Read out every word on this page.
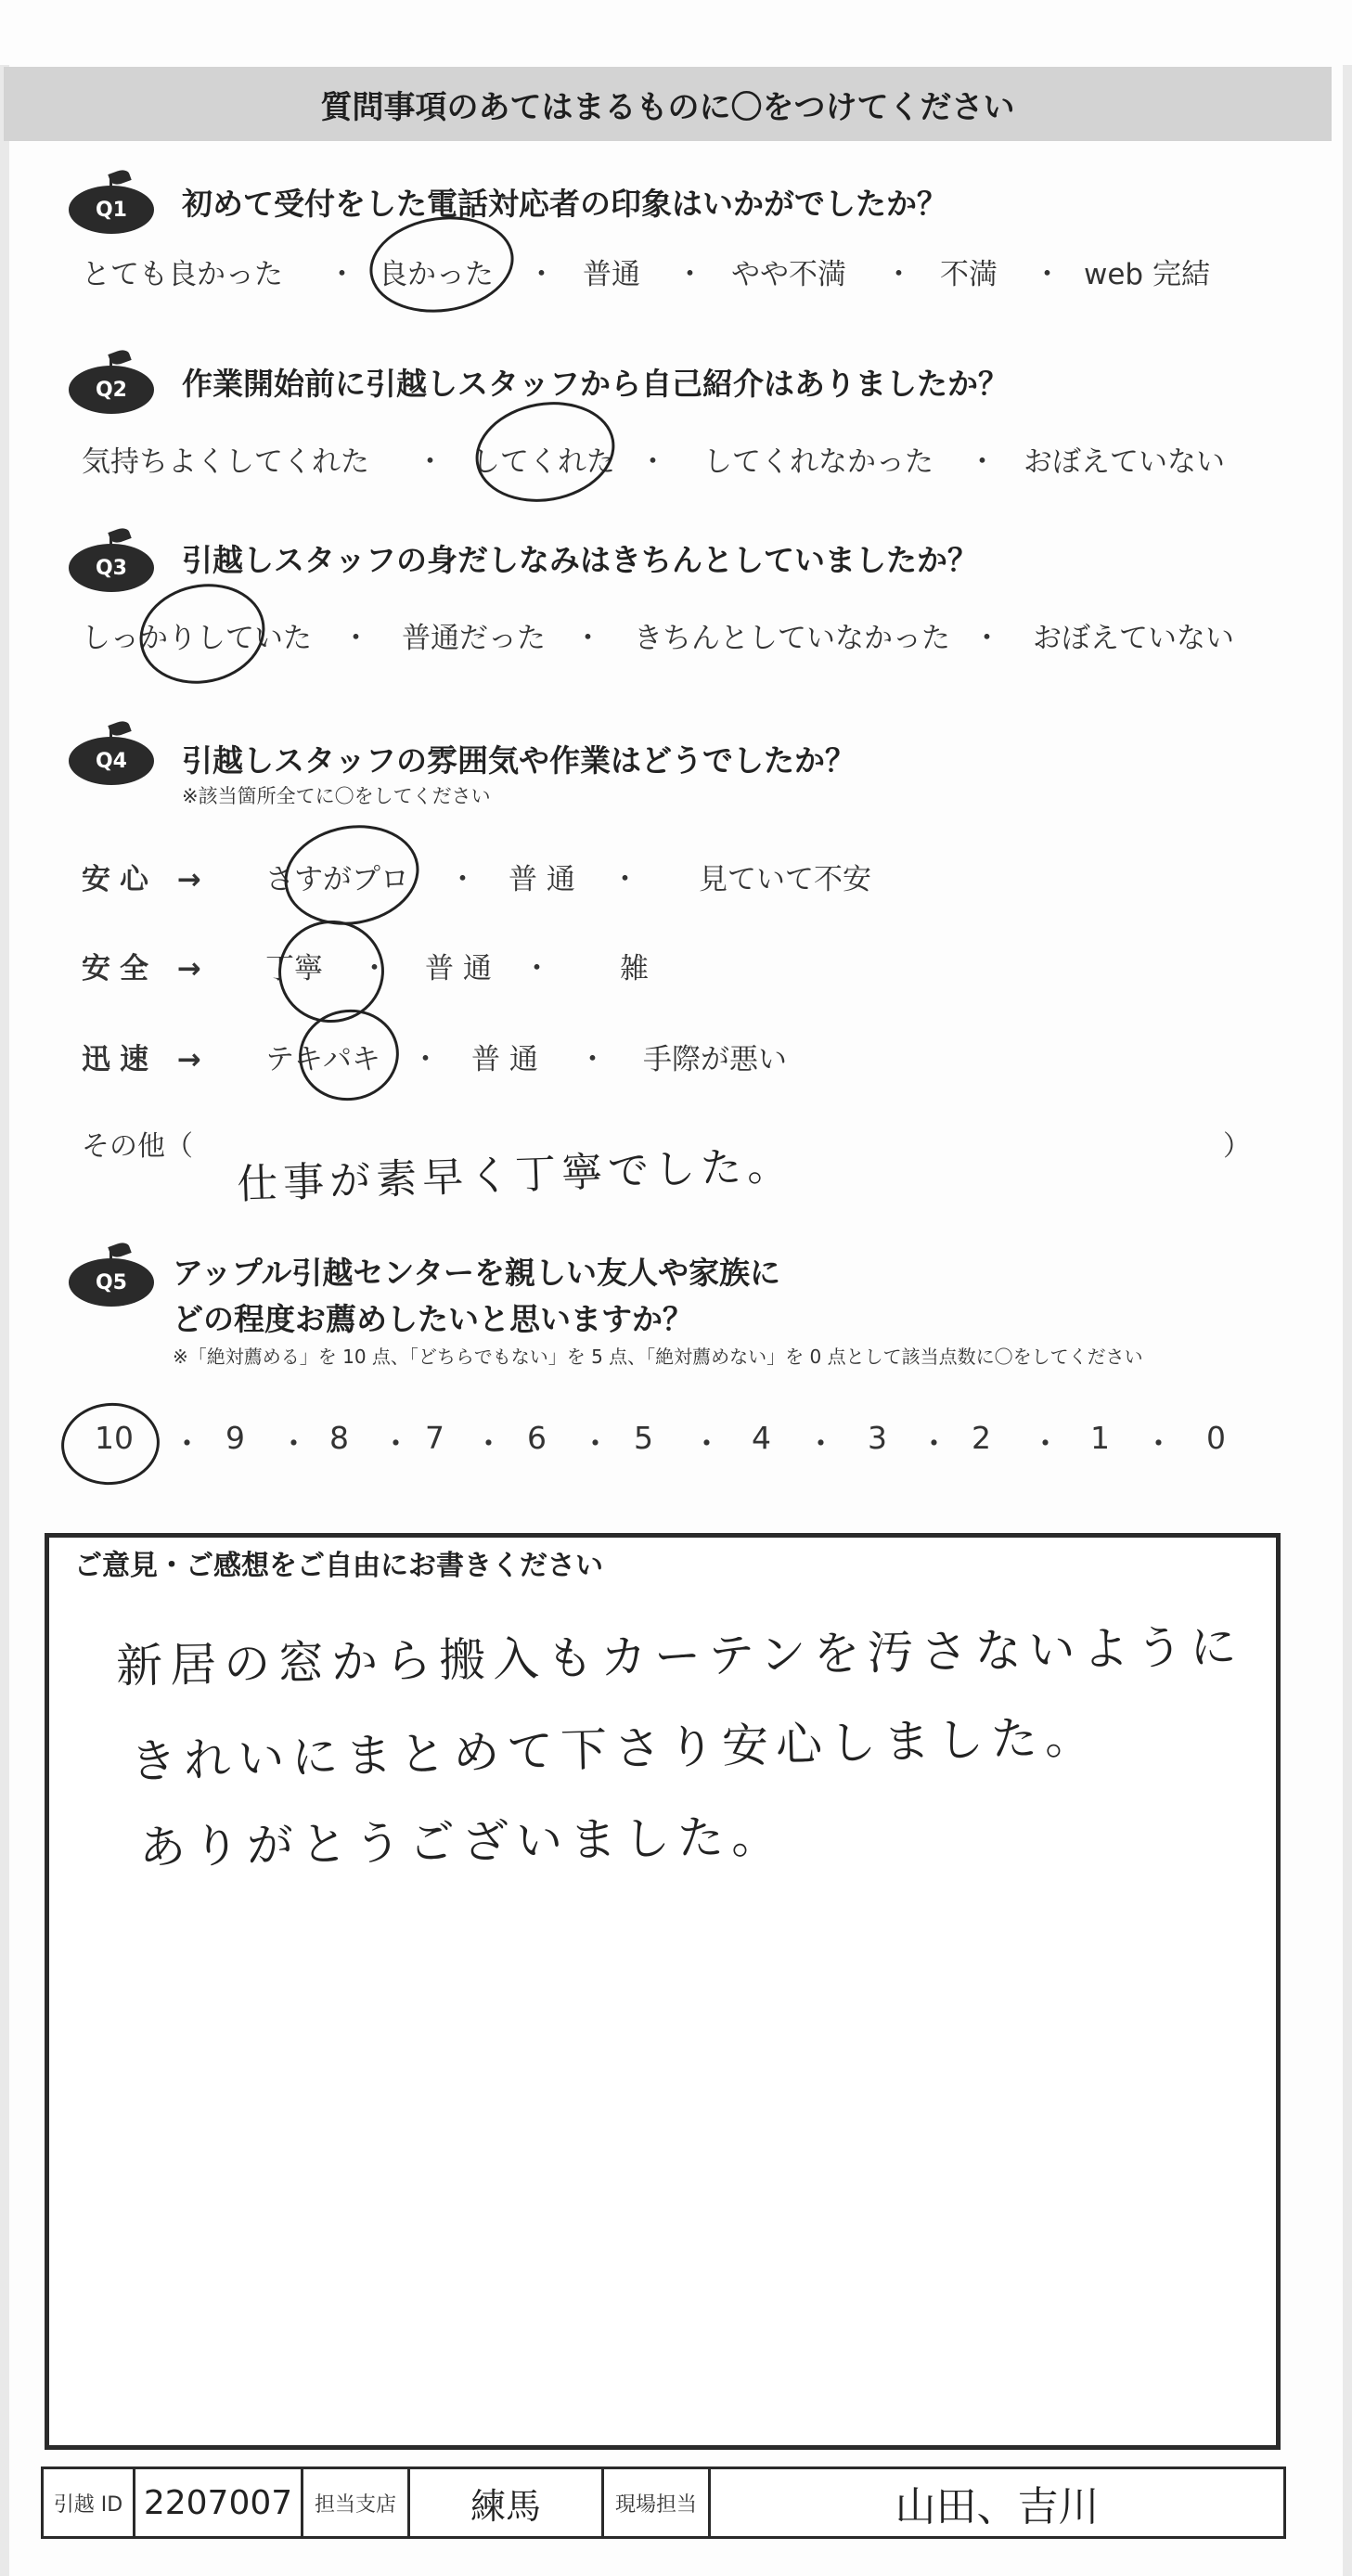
質問事項のあてはまるものに〇をつけてください
Q1	初めて受付をした電話対応者の印象はいかがでしたか？
とても良かった ・ 良かった ・ 普通 ・ やや不満 ・ 不満 ・ web 完結
Q2	作業開始前に引越しスタッフから自己紹介はありましたか？
気持ちよくしてくれた ・ してくれた ・ してくれなかった ・ おぼえていない
Q3	引越しスタッフの身だしなみはきちんとしていましたか？
しっかりしていた ・ 普通だった ・ きちんとしていなかった ・ おぼえていない
Q4	引越しスタッフの雰囲気や作業はどうでしたか？
※該当箇所全てに〇をしてください
安心 → さすがプロ ・ 普 通 ・ 見ていて不安
安全 → 丁寧 ・ 普 通 ・ 雑
迅速 → テキパキ ・ 普 通 ・ 手際が悪い
その他（	）
仕事が素早く丁寧でした。
Q5	アップル引越センターを親しい友人や家族に
どの程度お薦めしたいと思いますか？
※「絶対薦める」を 10 点、「どちらでもない」を 5 点、「絶対薦めない」を 0 点として該当点数に〇をしてください
10 ・ 9 ・ 8 ・ 7 ・ 6 ・ 5 ・ 4 ・ 3 ・ 2 ・ 1 ・ 0
ご意見・ご感想をご自由にお書きください
新居の窓から搬入もカーテンを汚さないように
きれいにまとめて下さり安心しました。
ありがとうございました。
引越 ID 2207007	担当支店	練馬	現場担当	山田、吉川
